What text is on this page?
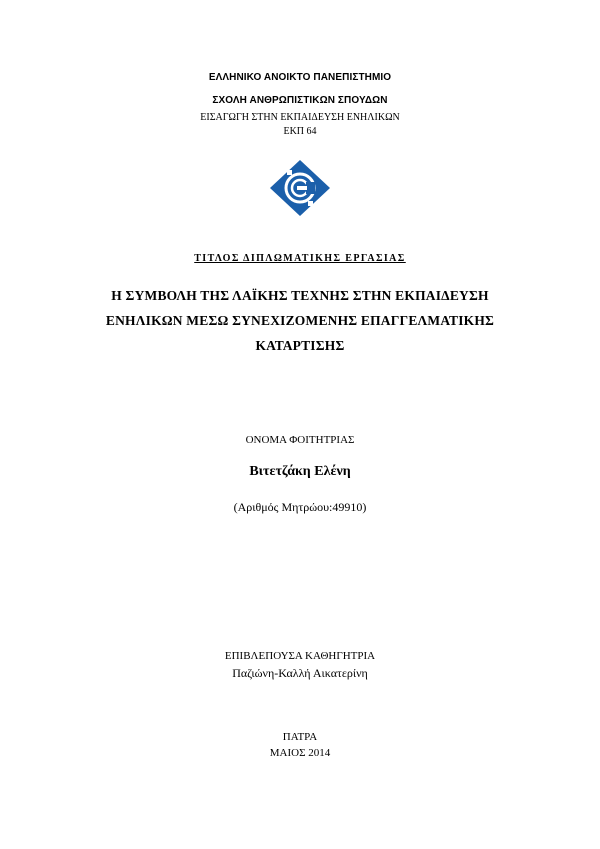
ΕΛΛΗΝΙΚΟ ΑΝΟΙΚΤΟ ΠΑΝΕΠΙΣΤΗΜΙΟ
ΣΧΟΛΗ ΑΝΘΡΩΠΙΣΤΙΚΩΝ ΣΠΟΥΔΩΝ
ΕΙΣΑΓΩΓΗ ΣΤΗΝ ΕΚΠΑΙΔΕΥΣΗ ΕΝΗΛΙΚΩΝ
ΕΚΠ 64
ΤΙΤΛΟΣ ΔΙΠΛΩΜΑΤΙΚΗΣ ΕΡΓΑΣΙΑΣ
Η ΣΥΜΒΟΛΗ ΤΗΣ ΛΑΪΚΗΣ ΤΕΧΝΗΣ ΣΤΗΝ ΕΚΠΑΙΔΕΥΣΗ
ΕΝΗΛΙΚΩΝ ΜΕΣΩ ΣΥΝΕΧΙΖΟΜΕΝΗΣ ΕΠΑΓΓΕΛΜΑΤΙΚΗΣ
ΚΑΤΑΡΤΙΣΗΣ
ΟΝΟΜΑ ΦΟΙΤΗΤΡΙΑΣ
Βιτετζάκη Ελένη
(Αριθμός Μητρώου:49910)
ΕΠΙΒΛΕΠΟΥΣΑ ΚΑΘΗΓΗΤΡΙΑ
Παζιώνη-Καλλή Αικατερίνη
ΠΑΤΡΑ
ΜΑΙΟΣ 2014
